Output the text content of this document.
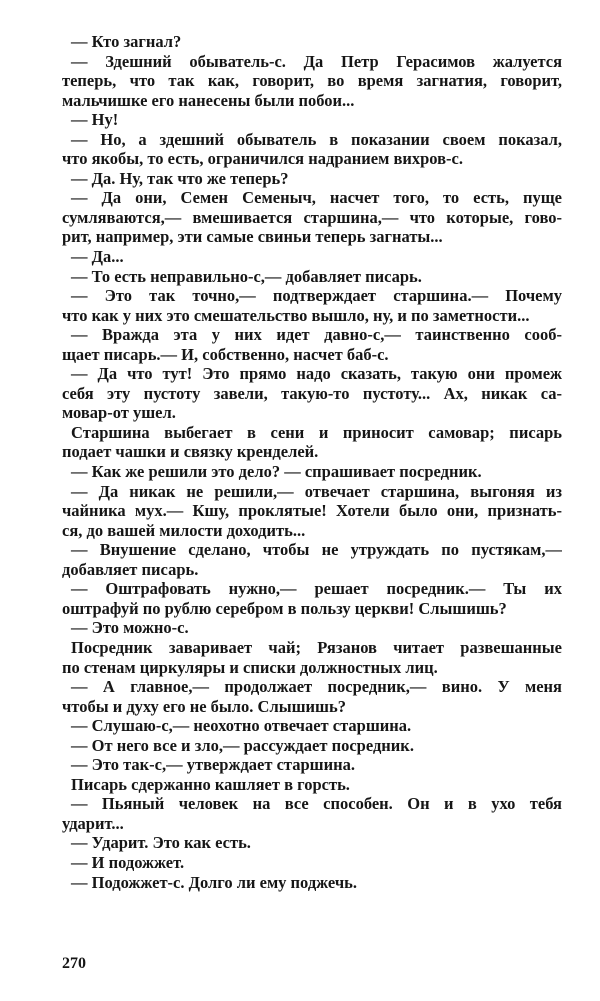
— Кто загнал?
— Здешний обыватель-с. Да Петр Герасимов жалуется
теперь, что так как, говорит, во время загнатия, говорит,
мальчишке его нанесены были побои...
— Ну!
— Но, а здешний обыватель в показании своем показал,
что якобы, то есть, ограничился надранием вихров-с.
— Да. Ну, так что же теперь?
— Да они, Семен Семеныч, насчет того, то есть, пуще
сумляваются,— вмешивается старшина,— что которые, гово-
рит, например, эти самые свиньи теперь загнаты...
— Да...
— То есть неправильно-с,— добавляет писарь.
— Это так точно,— подтверждает старшина.— Почему
что как у них это смешательство вышло, ну, и по заметности...
— Вражда эта у них идет давно-с,— таинственно сооб-
щает писарь.— И, собственно, насчет баб-с.
— Да что тут! Это прямо надо сказать, такую они промеж
себя эту пустоту завели, такую-то пустоту... Ах, никак са-
мовар-от ушел.
Старшина выбегает в сени и приносит самовар; писарь
подает чашки и связку кренделей.
— Как же решили это дело? — спрашивает посредник.
— Да никак не решили,— отвечает старшина, выгоняя из
чайника мух.— Кшу, проклятые! Хотели было они, признать-
ся, до вашей милости доходить...
— Внушение сделано, чтобы не утруждать по пустякам,—
добавляет писарь.
— Оштрафовать нужно,— решает посредник.— Ты их
оштрафуй по рублю серебром в пользу церкви! Слышишь?
— Это можно-с.
Посредник заваривает чай; Рязанов читает развешанные
по стенам циркуляры и списки должностных лиц.
— А главное,— продолжает посредник,— вино. У меня
чтобы и духу его не было. Слышишь?
— Слушаю-с,— неохотно отвечает старшина.
— От него все и зло,— рассуждает посредник.
— Это так-с,— утверждает старшина.
Писарь сдержанно кашляет в горсть.
— Пьяный человек на все способен. Он и в ухо тебя
ударит...
— Ударит. Это как есть.
— И подожжет.
— Подожжет-с. Долго ли ему поджечь.
270
